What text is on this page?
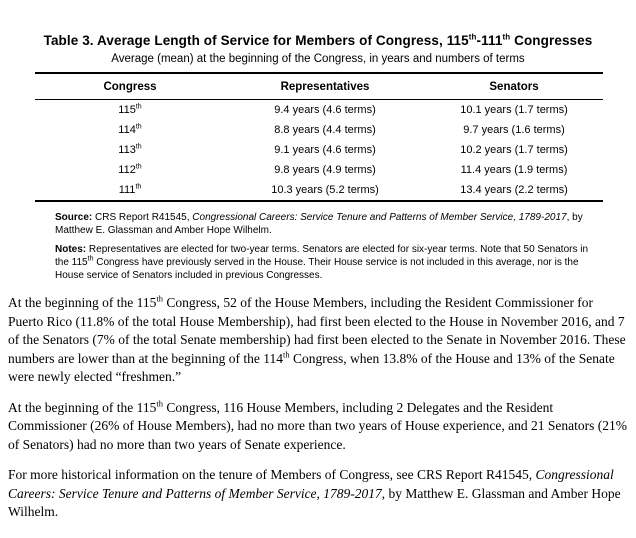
Table 3. Average Length of Service for Members of Congress, 115th-111th Congresses
Average (mean) at the beginning of the Congress, in years and numbers of terms
Congress	Representatives	Senators
115th	9.4 years (4.6 terms)	10.1 years (1.7 terms)
114th	8.8 years (4.4 terms)	9.7 years (1.6 terms)
113th	9.1 years (4.6 terms)	10.2 years (1.7 terms)
112th	9.8 years (4.9 terms)	11.4 years (1.9 terms)
111th	10.3 years (5.2 terms)	13.4 years (2.2 terms)
Source: CRS Report R41545, Congressional Careers: Service Tenure and Patterns of Member Service, 1789-2017, by Matthew E. Glassman and Amber Hope Wilhelm.
Notes: Representatives are elected for two-year terms. Senators are elected for six-year terms. Note that 50 Senators in the 115th Congress have previously served in the House. Their House service is not included in this average, nor is the House service of Senators included in previous Congresses.

At the beginning of the 115th Congress, 52 of the House Members, including the Resident Commissioner for Puerto Rico (11.8% of the total House Membership), had first been elected to the House in November 2016, and 7 of the Senators (7% of the total Senate membership) had first been elected to the Senate in November 2016. These numbers are lower than at the beginning of the 114th Congress, when 13.8% of the House and 13% of the Senate were newly elected “freshmen.”

At the beginning of the 115th Congress, 116 House Members, including 2 Delegates and the Resident Commissioner (26% of House Members), had no more than two years of House experience, and 21 Senators (21% of Senators) had no more than two years of Senate experience.

For more historical information on the tenure of Members of Congress, see CRS Report R41545, Congressional Careers: Service Tenure and Patterns of Member Service, 1789-2017, by Matthew E. Glassman and Amber Hope Wilhelm.
